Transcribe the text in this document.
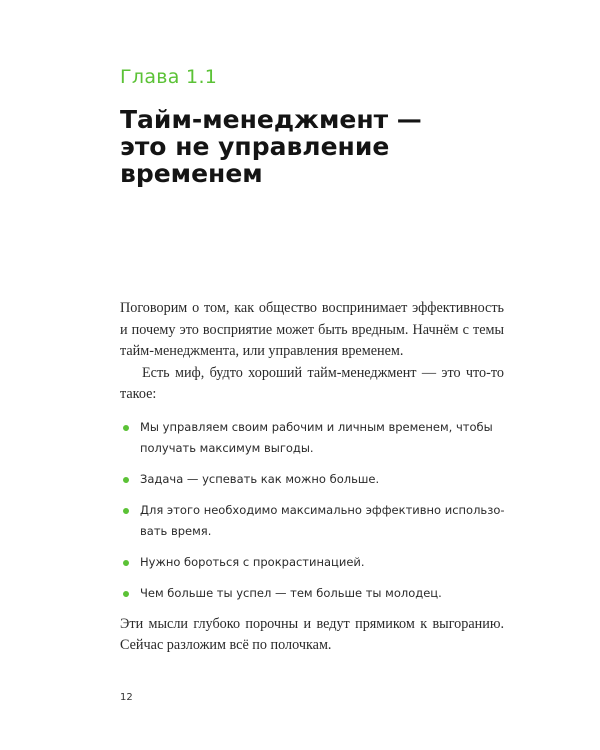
Глава 1.1
Тайм-менеджмент —
это не управление
временем

Поговорим о том, как общество воспринимает эффективность
и почему это восприятие может быть вредным. Начнём с темы
тайм-менеджмента, или управления временем.

Есть миф, будто хороший тайм-менеджмент — это что-то
такое:

Мы управляем своим рабочим и личным временем, чтобы
получать максимум выгоды.
Задача — успевать как можно больше.
Для этого необходимо максимально эффективно использо-
вать время.
Нужно бороться с прокрастинацией.
Чем больше ты успел — тем больше ты молодец.

Эти мысли глубоко порочны и ведут прямиком к выгоранию.
Сейчас разложим всё по полочкам.

12
